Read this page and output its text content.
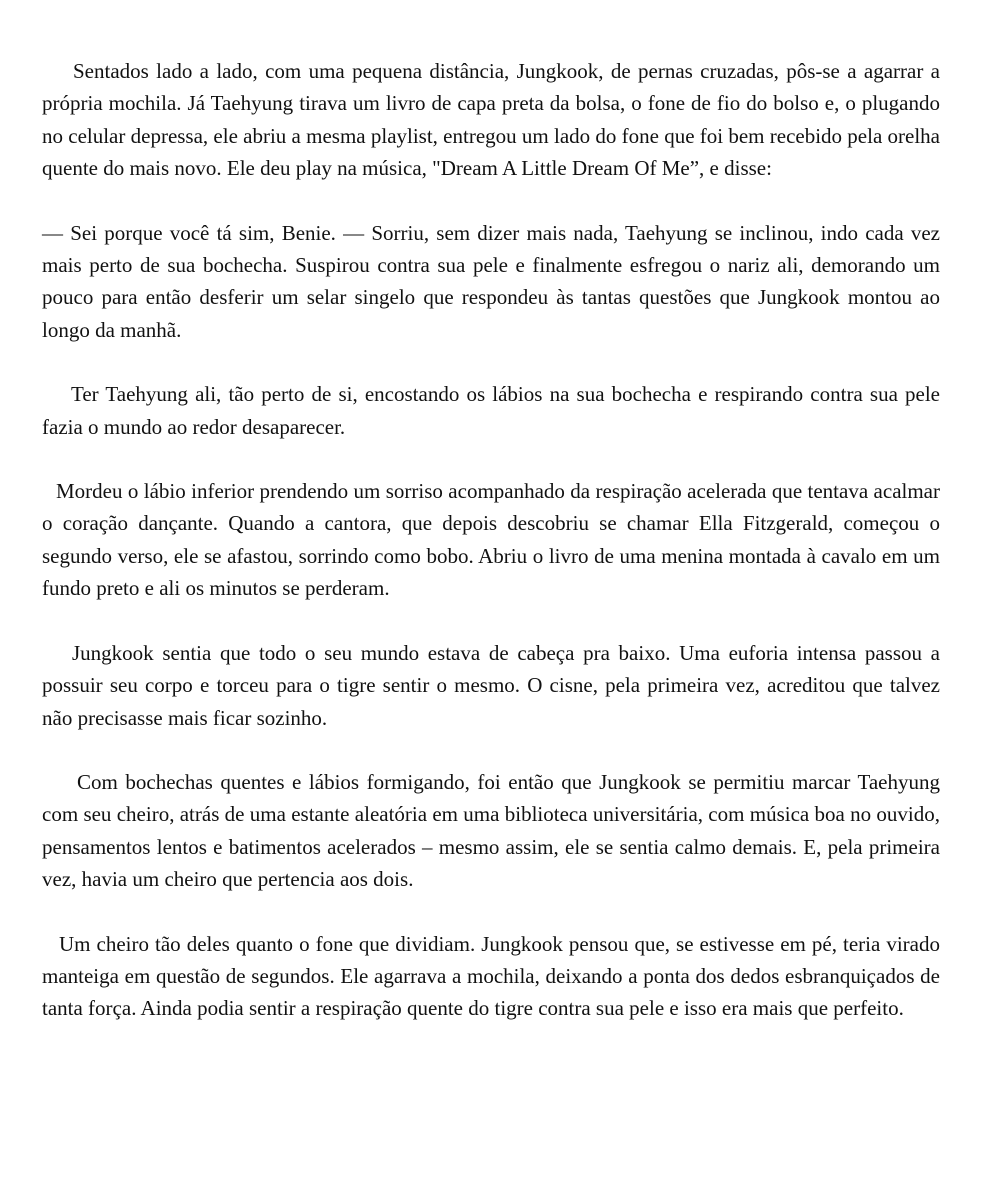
Sentados lado a lado, com uma pequena distância, Jungkook, de pernas cruzadas, pôs-se a agarrar a própria mochila. Já Taehyung tirava um livro de capa preta da bolsa, o fone de fio do bolso e, o plugando no celular depressa, ele abriu a mesma playlist, entregou um lado do fone que foi bem recebido pela orelha quente do mais novo. Ele deu play na música, "Dream A Little Dream Of Me”, e disse:

— Sei porque você tá sim, Benie. — Sorriu, sem dizer mais nada, Taehyung se inclinou, indo cada vez mais perto de sua bochecha. Suspirou contra sua pele e finalmente esfregou o nariz ali, demorando um pouco para então desferir um selar singelo que respondeu às tantas questões que Jungkook montou ao longo da manhã.

Ter Taehyung ali, tão perto de si, encostando os lábios na sua bochecha e respirando contra sua pele fazia o mundo ao redor desaparecer.

Mordeu o lábio inferior prendendo um sorriso acompanhado da respiração acelerada que tentava acalmar o coração dançante. Quando a cantora, que depois descobriu se chamar Ella Fitzgerald, começou o segundo verso, ele se afastou, sorrindo como bobo. Abriu o livro de uma menina montada à cavalo em um fundo preto e ali os minutos se perderam.

Jungkook sentia que todo o seu mundo estava de cabeça pra baixo. Uma euforia intensa passou a possuir seu corpo e torceu para o tigre sentir o mesmo. O cisne, pela primeira vez, acreditou que talvez não precisasse mais ficar sozinho.

Com bochechas quentes e lábios formigando, foi então que Jungkook se permitiu marcar Taehyung com seu cheiro, atrás de uma estante aleatória em uma biblioteca universitária, com música boa no ouvido, pensamentos lentos e batimentos acelerados – mesmo assim, ele se sentia calmo demais. E, pela primeira vez, havia um cheiro que pertencia aos dois.

Um cheiro tão deles quanto o fone que dividiam. Jungkook pensou que, se estivesse em pé, teria virado manteiga em questão de segundos. Ele agarrava a mochila, deixando a ponta dos dedos esbranquiçados de tanta força. Ainda podia sentir a respiração quente do tigre contra sua pele e isso era mais que perfeito.
